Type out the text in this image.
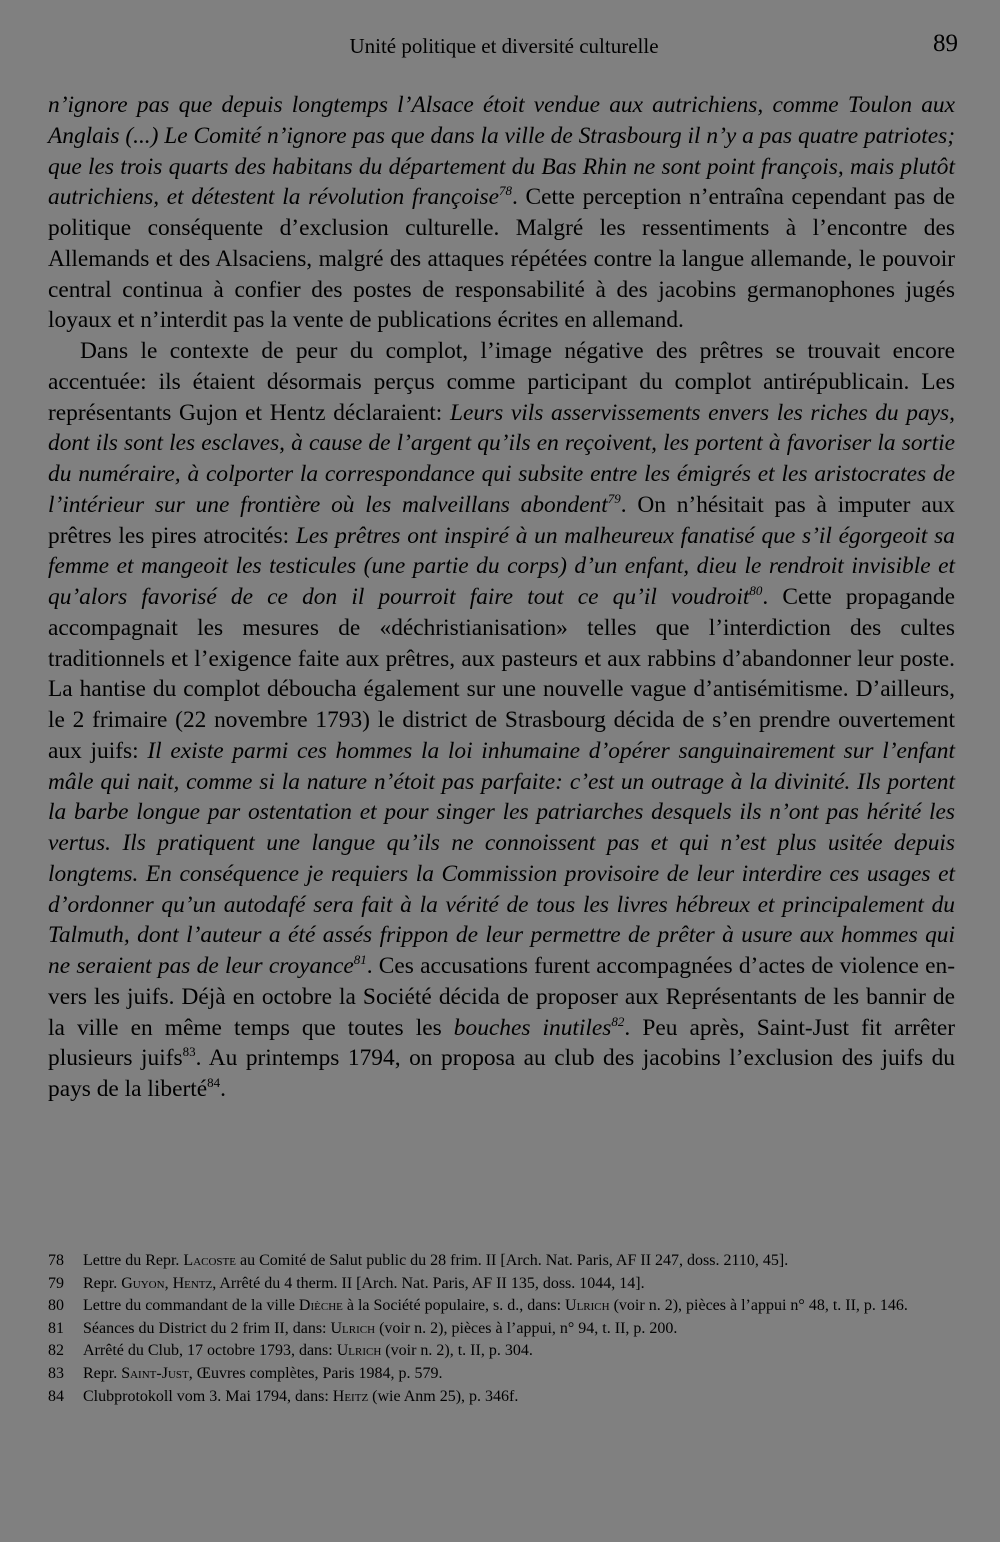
Unité politique et diversité culturelle	89

n’ignore pas que depuis longtemps l’Alsace étoit vendue aux autrichiens, comme Toulon aux Anglais (...) Le Comité n’ignore pas que dans la ville de Strasbourg il n’y a pas quatre patriotes; que les trois quarts des habitans du département du Bas Rhin ne sont point françois, mais plutôt autrichiens, et détestent la révolution françoise$^{78}$. Cette perception n’entraîna cependant pas de politique conséquente d’exclusion culturelle. Malgré les ressentiments à l’encontre des Allemands et des Alsaciens, malgré des attaques répétées contre la langue allemande, le pouvoir central continua à confier des postes de responsabilité à des jacobins germanophones jugés loyaux et n’interdit pas la vente de publications écrites en allemand.

Dans le contexte de peur du complot, l’image négative des prêtres se trouvait encore accentuée: ils étaient désormais perçus comme participant du complot antirépublicain. Les représentants Gujon et Hentz déclaraient: Leurs vils asservissements envers les riches du pays, dont ils sont les esclaves, à cause de l’argent qu’ils en reçoivent, les portent à favoriser la sortie du numéraire, à colporter la correspondance qui subsite entre les émigrés et les aristocrates de l’intérieur sur une frontière où les malveillans abondent$^{79}$. On n’hésitait pas à imputer aux prêtres les pires atrocités: Les prêtres ont inspiré à un malheureux fanatisé que s’il égorgeoit sa femme et mangeoit les testicules (une partie du corps) d’un enfant, dieu le rendroit invisible et qu’alors favorisé de ce don il pourroit faire tout ce qu’il voudroit$^{80}$. Cette propagande accompagnait les mesures de «déchristianisation» telles que l’interdiction des cultes traditionnels et l’exigence faite aux prêtres, aux pasteurs et aux rabbins d’abandonner leur poste. La hantise du complot déboucha également sur une nouvelle vague d’antisémitisme. D’ailleurs, le 2 frimaire (22 novembre 1793) le district de Strasbourg décida de s’en prendre ouvertement aux juifs: Il existe parmi ces hommes la loi inhumaine d’opérer sanguinairement sur l’enfant mâle qui nait, comme si la nature n’étoit pas parfaite: c’est un outrage à la divinité. Ils portent la barbe longue par ostentation et pour singer les patriarches desquels ils n’ont pas hérité les vertus. Ils pratiquent une langue qu’ils ne connoissent pas et qui n’est plus usitée depuis longtems. En conséquence je requiers la Commission provisoire de leur interdire ces usages et d’ordonner qu’un autodafé sera fait à la vérité de tous les livres hébreux et principalement du Talmuth, dont l’auteur a été assés frippon de leur permettre de prêter à usure aux hommes qui ne seraient pas de leur croyance$^{81}$. Ces accusations furent accompagnées d’actes de violence envers les juifs. Déjà en octobre la Société décida de proposer aux Représentants de les bannir de la ville en même temps que toutes les bouches inutiles$^{82}$. Peu après, Saint-Just fit arrêter plusieurs juifs$^{83}$. Au printemps 1794, on proposa au club des jacobins l’exclusion des juifs du pays de la liberté$^{84}$.

78	Lettre du Repr. Lacoste au Comité de Salut public du 28 frim. II [Arch. Nat. Paris, AF II 247, doss. 2110, 45].
79	Repr. Guyon, Hentz, Arrêté du 4 therm. II [Arch. Nat. Paris, AF II 135, doss. 1044, 14].
80	Lettre du commandant de la ville Dièche à la Société populaire, s. d., dans: Ulrich (voir n. 2), pièces à l’appui n° 48, t. II, p. 146.
81	Séances du District du 2 frim II, dans: Ulrich (voir n. 2), pièces à l’appui, n° 94, t. II, p. 200.
82	Arrêté du Club, 17 octobre 1793, dans: Ulrich (voir n. 2), t. II, p. 304.
83	Repr. Saint-Just, Œuvres complètes, Paris 1984, p. 579.
84	Clubprotokoll vom 3. Mai 1794, dans: Heitz (wie Anm 25), p. 346f.
